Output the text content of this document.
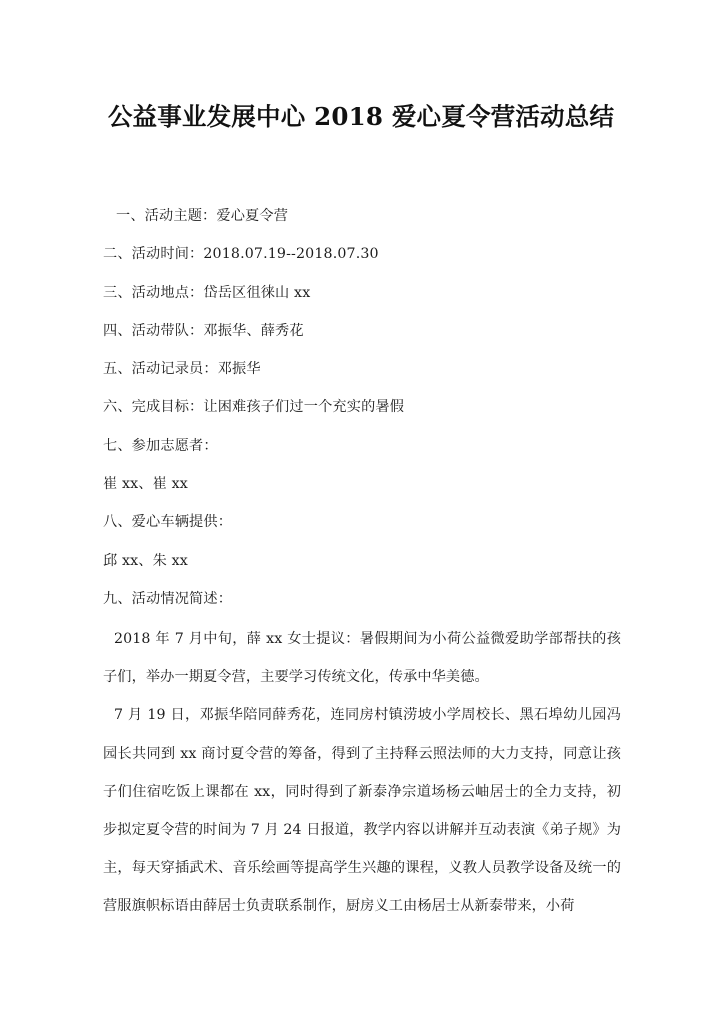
公益事业发展中心 2018 爱心夏令营活动总结
一、活动主题：爱心夏令营
二、活动时间：2018.07.19--2018.07.30
三、活动地点：岱岳区徂徕山 xx
四、活动带队：邓振华、薛秀花
五、活动记录员：邓振华
六、完成目标：让困难孩子们过一个充实的暑假
七、参加志愿者：
崔 xx、崔 xx
八、爱心车辆提供：
邱 xx、朱 xx
九、活动情况简述：

2018 年 7 月中旬，薛 xx 女士提议：暑假期间为小荷公益微爱助学部帮扶的孩子们，举办一期夏令营，主要学习传统文化，传承中华美德。

7 月 19 日，邓振华陪同薛秀花，连同房村镇涝坡小学周校长、黑石埠幼儿园冯园长共同到 xx 商讨夏令营的筹备，得到了主持释云照法师的大力支持，同意让孩子们住宿吃饭上课都在 xx，同时得到了新泰净宗道场杨云岫居士的全力支持，初步拟定夏令营的时间为 7 月 24 日报道，教学内容以讲解并互动表演《弟子规》为主，每天穿插武术、音乐绘画等提高学生兴趣的课程，义教人员教学设备及统一的营服旗帜标语由薛居士负责联系制作，厨房义工由杨居士从新泰带来，小荷
